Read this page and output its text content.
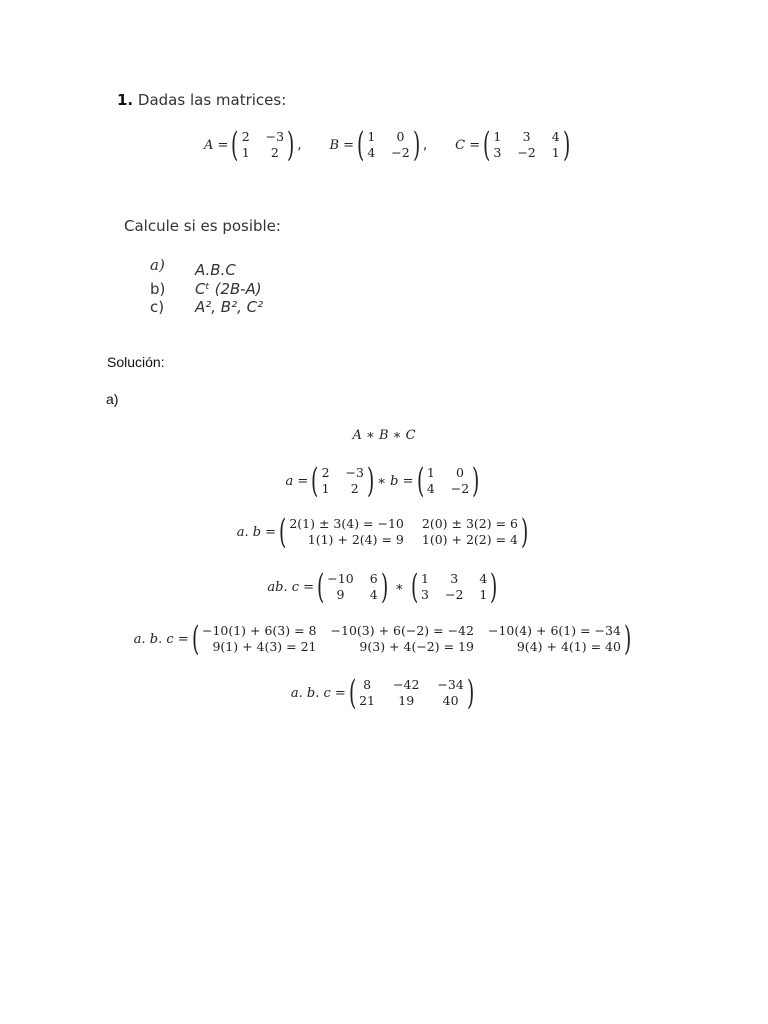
1. Dadas las matrices:
A = ( 2 −3
1	2 ) , B = ( 1	0
4 −2 ) , C = ( 1	3	4
3 −2 1 )
Calcule si es posible:
a) A.B.C
b) Cᵗ (2B-A)
c) A², B², C²
Solución:
a)
A ∗ B ∗ C
a = ( 2 −3
1	2 ) ∗ b = ( 1	0
4 −2 )
a. b = ( 2(1) ± 3(4) = −10 2(0) ± 3(2) = 6
1(1) + 2(4) = 9 1(0) + 2(2) = 4 )
ab. c = ( −10 6
9	4 ) ∗ ( 1	3	4
3 −2 1 )
a. b. c = ( −10(1) + 6(3) = 8 −10(3) + 6(−2) = −42 −10(4) + 6(1) = −34
9(1) + 4(3) = 21	9(3) + 4(−2) = 19	9(4) + 4(1) = 40 )
a. b. c = ( 8	−42 −34
21	19	40 )
